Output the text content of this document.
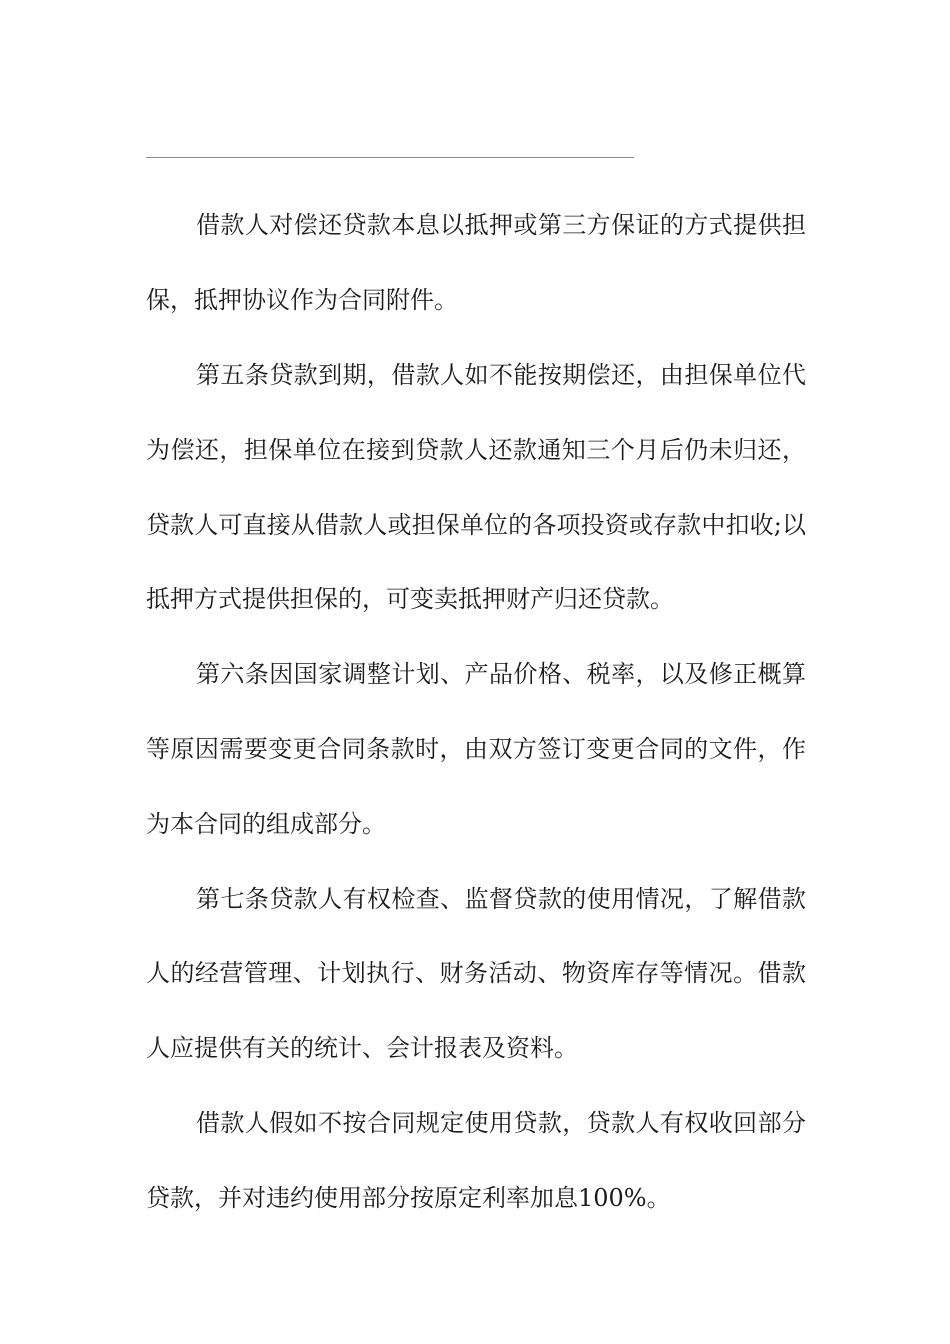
借款人对偿还贷款本息以抵押或第三方保证的方式提供担

保，抵押协议作为合同附件。

第五条贷款到期，借款人如不能按期偿还，由担保单位代

为偿还，担保单位在接到贷款人还款通知三个月后仍未归还，

贷款人可直接从借款人或担保单位的各项投资或存款中扣收;以

抵押方式提供担保的，可变卖抵押财产归还贷款。

第六条因国家调整计划、产品价格、税率，以及修正概算

等原因需要变更合同条款时，由双方签订变更合同的文件，作

为本合同的组成部分。

第七条贷款人有权检查、监督贷款的使用情况，了解借款

人的经营管理、计划执行、财务活动、物资库存等情况。借款

人应提供有关的统计、会计报表及资料。

借款人假如不按合同规定使用贷款，贷款人有权收回部分

贷款，并对违约使用部分按原定利率加息100%。
